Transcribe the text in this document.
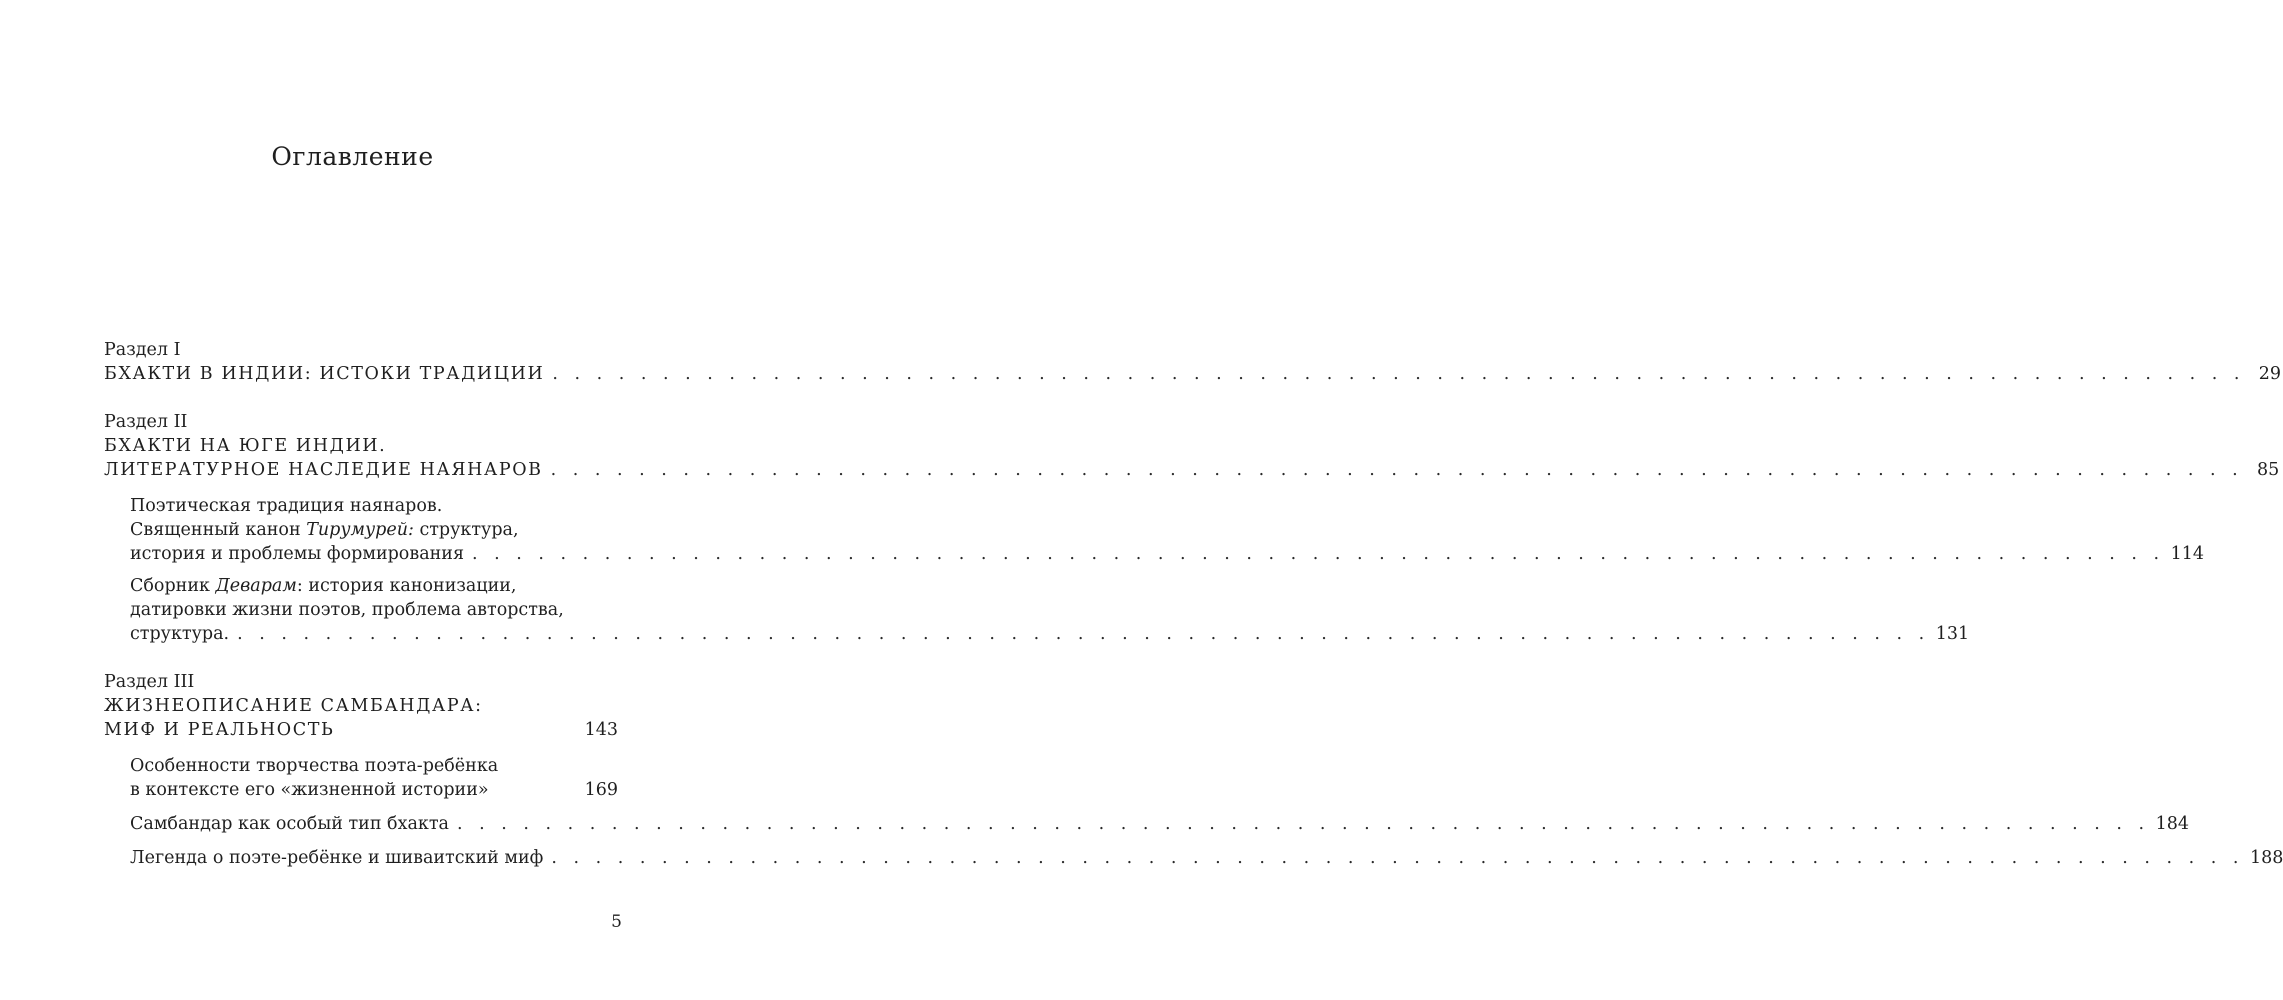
Оглавление
Раздел I
БХАКТИ В ИНДИИ: ИСТОКИ ТРАДИЦИИ . . . . . . . . . . . . . . . . . . . . . . . . . . . . . . . . . . . . . . . . . . . . . . . . . . . . . . . . . . . . . . . . . . . . . . . . . . . . . 29
Раздел II
БХАКТИ НА ЮГЕ ИНДИИ.
ЛИТЕРАТУРНОЕ НАСЛЕДИЕ НАЯНАРОВ . . . . . . . . . . . . . . . . . . . . . . . . . . . . . . . . . . . . . . . . . . . . . . . . . . . . . . . . . . . . . . . . . . . . . . . . . . . . . 85
Поэтическая традиция наянаров.
Священный канон Тирумурей: структура,
история и проблемы формирования . . . . . . . . . . . . . . . . . . . . . . . . . . . . . . . . . . . . . . . . . . . . . . . . . . . . . . . . . . . . . . . . . . . . . . . . . . . . . 114
Сборник Деварам: история канонизации,
датировки жизни поэтов, проблема авторства,
структура. . . . . . . . . . . . . . . . . . . . . . . . . . . . . . . . . . . . . . . . . . . . . . . . . . . . . . . . . . . . . . . . . . . . . . . . . . . . . . 131
Раздел III
ЖИЗНЕОПИСАНИЕ САМБАНДАРА:
МИФ И РЕАЛЬНОСТЬ	143
Особенности творчества поэта-ребёнка
в контексте его «жизненной истории»	169
Самбандар как особый тип бхакта . . . . . . . . . . . . . . . . . . . . . . . . . . . . . . . . . . . . . . . . . . . . . . . . . . . . . . . . . . . . . . . . . . . . . . . . . . . . . 184
Легенда о поэте-ребёнке и шиваитский миф . . . . . . . . . . . . . . . . . . . . . . . . . . . . . . . . . . . . . . . . . . . . . . . . . . . . . . . . . . . . . . . . . . . . . . . . . . . . . 188
5
